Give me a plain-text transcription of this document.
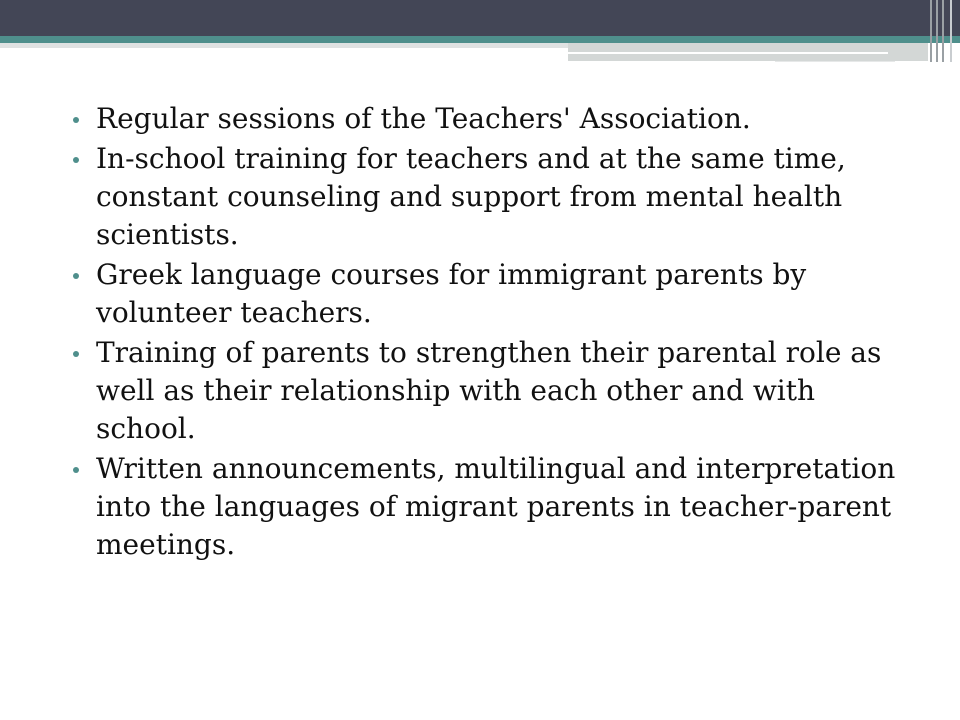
Regular sessions of the Teachers' Association.
In-school training for teachers and at the same time, constant counseling and support from mental health scientists.
Greek language courses for immigrant parents by volunteer teachers.
Training of parents to strengthen their parental role as well as their relationship with each other and with school.
Written announcements, multilingual and interpretation into the languages of migrant parents in teacher-parent meetings.
